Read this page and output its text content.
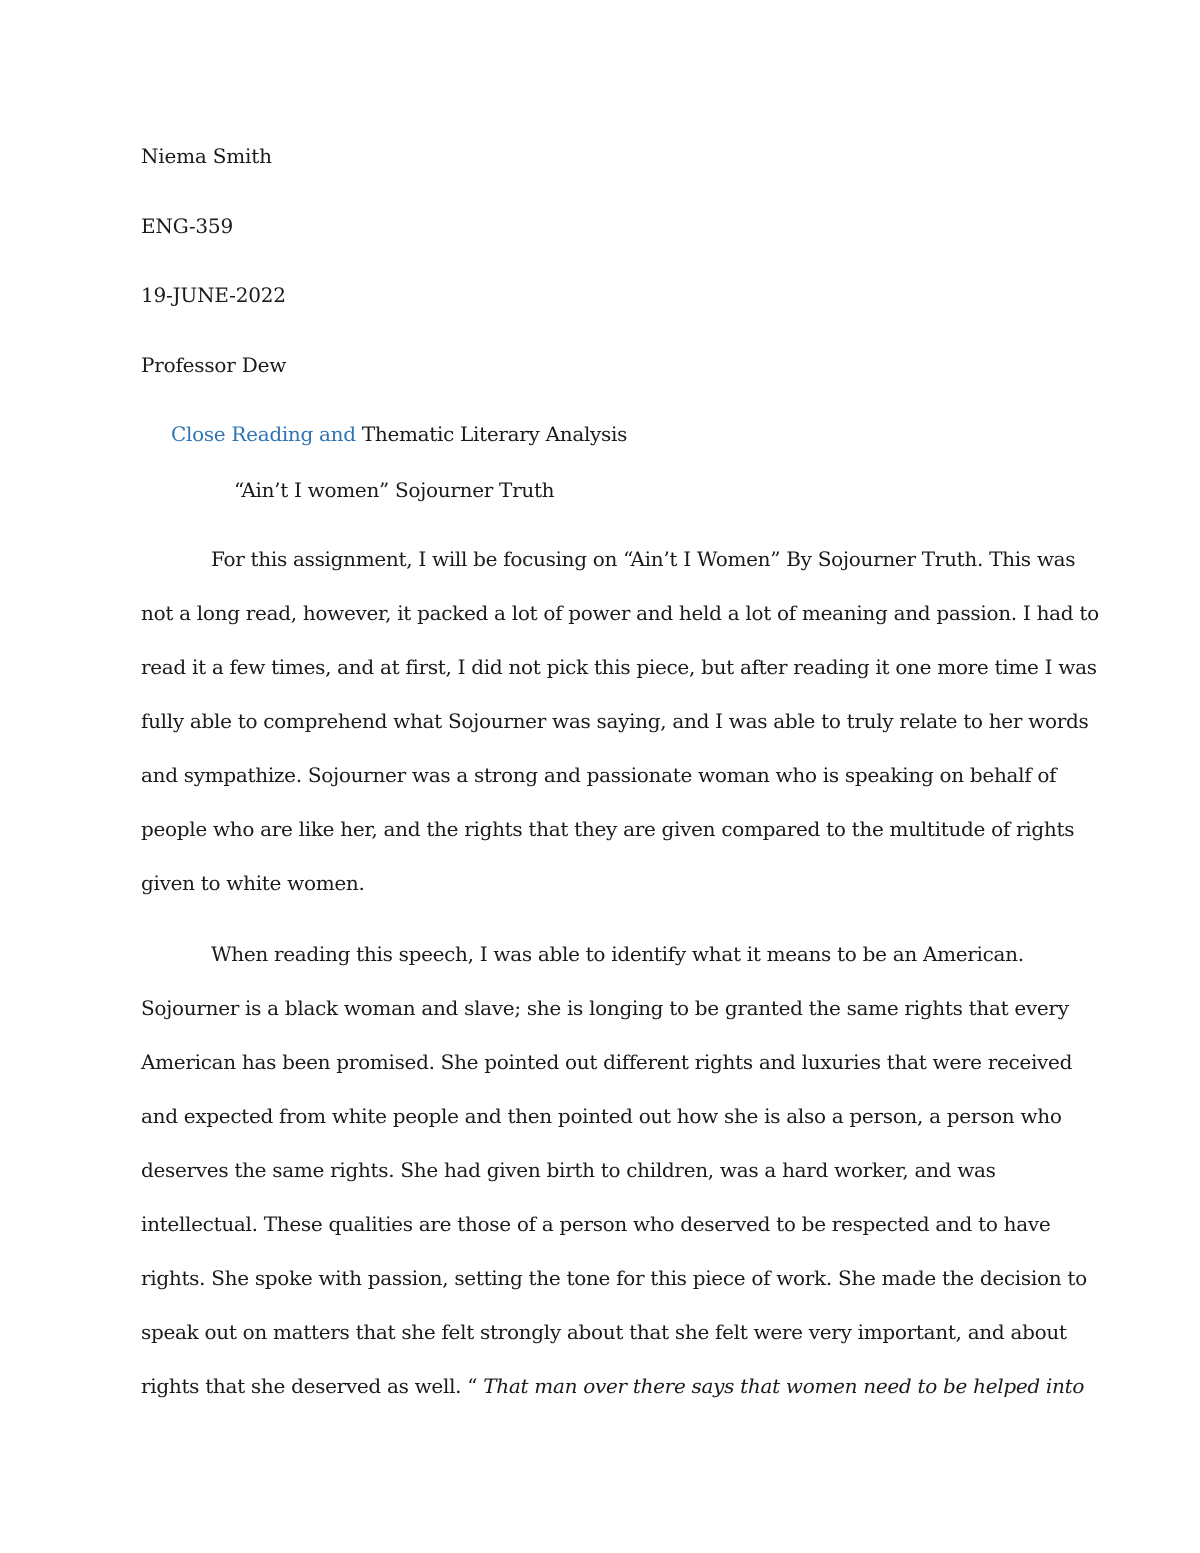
Niema Smith
ENG-359
19-JUNE-2022
Professor Dew
Close Reading and Thematic Literary Analysis
“Ain’t I women” Sojourner Truth
For this assignment, I will be focusing on “Ain’t I Women” By Sojourner Truth. This was
not a long read, however, it packed a lot of power and held a lot of meaning and passion. I had to
read it a few times, and at first, I did not pick this piece, but after reading it one more time I was
fully able to comprehend what Sojourner was saying, and I was able to truly relate to her words
and sympathize. Sojourner was a strong and passionate woman who is speaking on behalf of
people who are like her, and the rights that they are given compared to the multitude of rights
given to white women.
When reading this speech, I was able to identify what it means to be an American.
Sojourner is a black woman and slave; she is longing to be granted the same rights that every
American has been promised. She pointed out different rights and luxuries that were received
and expected from white people and then pointed out how she is also a person, a person who
deserves the same rights. She had given birth to children, was a hard worker, and was
intellectual. These qualities are those of a person who deserved to be respected and to have
rights. She spoke with passion, setting the tone for this piece of work. She made the decision to
speak out on matters that she felt strongly about that she felt were very important, and about
rights that she deserved as well. “ That man over there says that women need to be helped into
